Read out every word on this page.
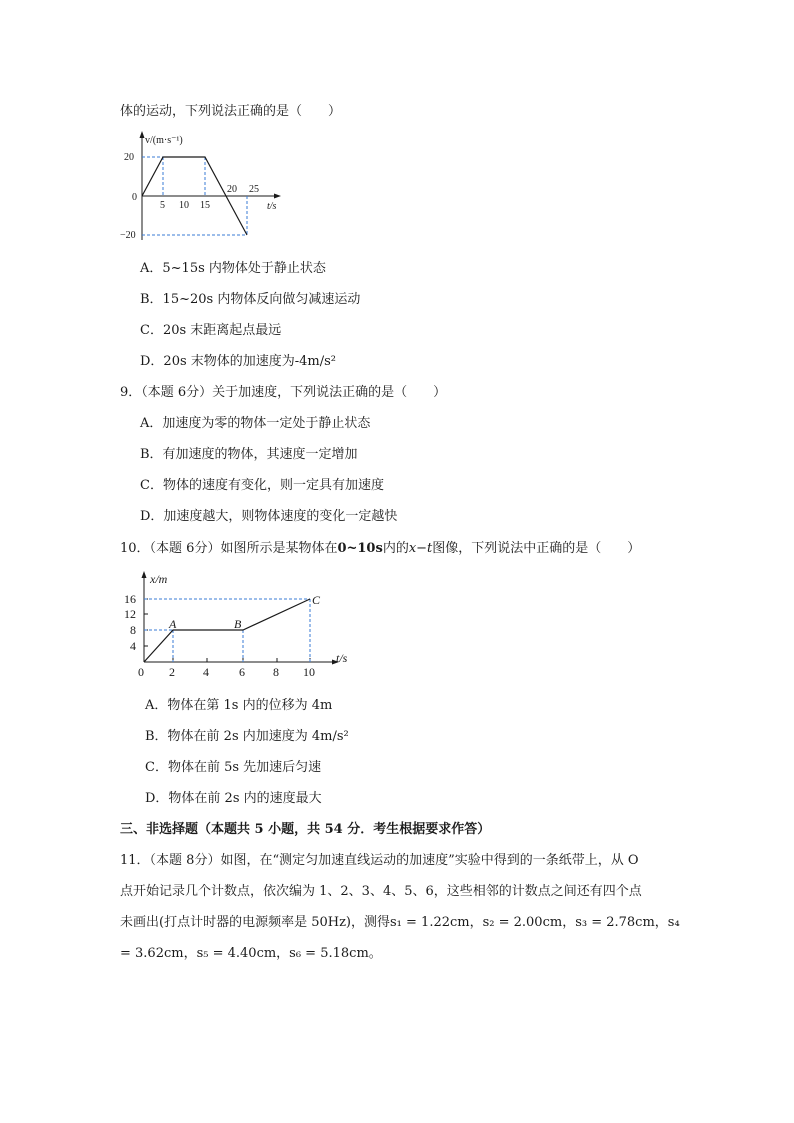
体的运动，下列说法正确的是（　　）
v/(m·s⁻¹)
t/s
20
0
−20
5 10 15
20 25
A．5~15s 内物体处于静止状态
B．15~20s 内物体反向做匀减速运动
C．20s 末距离起点最远
D．20s 末物体的加速度为-4m/s²
9．（本题 6分）关于加速度，下列说法正确的是（　　）
A．加速度为零的物体一定处于静止状态
B．有加速度的物体，其速度一定增加
C．物体的速度有变化，则一定具有加速度
D．加速度越大，则物体速度的变化一定越快
10．（本题 6分）如图所示是某物体在0~10s内的x−t图像，下列说法中正确的是（　　）
x/m
t/s
16
12
8
4
0 2 4	6 8 10
A	B
C
A．物体在第 1s 内的位移为 4m
B．物体在前 2s 内加速度为 4m/s²
C．物体在前 5s 先加速后匀速
D．物体在前 2s 内的速度最大
三、非选择题（本题共 5 小题，共 54 分．考生根据要求作答）
11．（本题 8分）如图，在“测定匀加速直线运动的加速度”实验中得到的一条纸带上，从 O
点开始记录几个计数点，依次编为 1、2、3、4、5、6，这些相邻的计数点之间还有四个点
未画出(打点计时器的电源频率是 50Hz)，测得s₁ = 1.22cm，s₂ = 2.00cm，s₃ = 2.78cm，s₄
= 3.62cm，s₅ = 4.40cm，s₆ = 5.18cm。
